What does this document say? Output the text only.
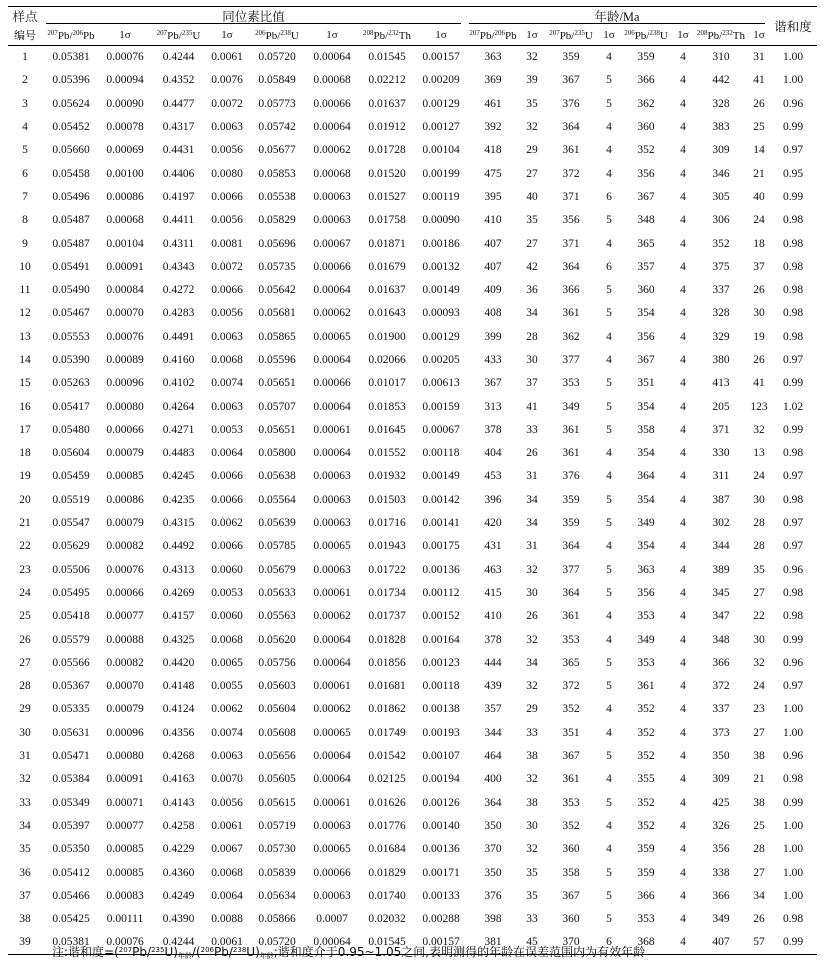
样点	同位素比值								年龄/Ma								谐和度
编号	$^{207}$Pb/$^{206}$Pb	1σ	$^{207}$Pb/$^{235}$U	1σ	$^{206}$Pb/$^{238}$U	1σ	$^{208}$Pb/$^{232}$Th	1σ	$^{207}$Pb/$^{206}$Pb	1σ	$^{207}$Pb/$^{235}$U	1σ	$^{206}$Pb/$^{238}$U	1σ	$^{208}$Pb/$^{232}$Th	1σ	
1	0.05381	0.00076	0.4244	0.0061	0.05720	0.00064	0.01545	0.00157	363	32	359	4	359	4	310	31	1.00
2	0.05396	0.00094	0.4352	0.0076	0.05849	0.00068	0.02212	0.00209	369	39	367	5	366	4	442	41	1.00
3	0.05624	0.00090	0.4477	0.0072	0.05773	0.00066	0.01637	0.00129	461	35	376	5	362	4	328	26	0.96
4	0.05452	0.00078	0.4317	0.0063	0.05742	0.00064	0.01912	0.00127	392	32	364	4	360	4	383	25	0.99
5	0.05660	0.00069	0.4431	0.0056	0.05677	0.00062	0.01728	0.00104	418	29	361	4	352	4	309	14	0.97
6	0.05458	0.00100	0.4406	0.0080	0.05853	0.00068	0.01520	0.00199	475	27	372	4	356	4	346	21	0.95
7	0.05496	0.00086	0.4197	0.0066	0.05538	0.00063	0.01527	0.00119	395	40	371	6	367	4	305	40	0.99
8	0.05487	0.00068	0.4411	0.0056	0.05829	0.00063	0.01758	0.00090	410	35	356	5	348	4	306	24	0.98
9	0.05487	0.00104	0.4311	0.0081	0.05696	0.00067	0.01871	0.00186	407	27	371	4	365	4	352	18	0.98
10	0.05491	0.00091	0.4343	0.0072	0.05735	0.00066	0.01679	0.00132	407	42	364	6	357	4	375	37	0.98
11	0.05490	0.00084	0.4272	0.0066	0.05642	0.00064	0.01637	0.00149	409	36	366	5	360	4	337	26	0.98
12	0.05467	0.00070	0.4283	0.0056	0.05681	0.00062	0.01643	0.00093	408	34	361	5	354	4	328	30	0.98
13	0.05553	0.00076	0.4491	0.0063	0.05865	0.00065	0.01900	0.00129	399	28	362	4	356	4	329	19	0.98
14	0.05390	0.00089	0.4160	0.0068	0.05596	0.00064	0.02066	0.00205	433	30	377	4	367	4	380	26	0.97
15	0.05263	0.00096	0.4102	0.0074	0.05651	0.00066	0.01017	0.00613	367	37	353	5	351	4	413	41	0.99
16	0.05417	0.00080	0.4264	0.0063	0.05707	0.00064	0.01853	0.00159	313	41	349	5	354	4	205	123	1.02
17	0.05480	0.00066	0.4271	0.0053	0.05651	0.00061	0.01645	0.00067	378	33	361	5	358	4	371	32	0.99
18	0.05604	0.00079	0.4483	0.0064	0.05800	0.00064	0.01552	0.00118	404	26	361	4	354	4	330	13	0.98
19	0.05459	0.00085	0.4245	0.0066	0.05638	0.00063	0.01932	0.00149	453	31	376	4	364	4	311	24	0.97
20	0.05519	0.00086	0.4235	0.0066	0.05564	0.00063	0.01503	0.00142	396	34	359	5	354	4	387	30	0.98
21	0.05547	0.00079	0.4315	0.0062	0.05639	0.00063	0.01716	0.00141	420	34	359	5	349	4	302	28	0.97
22	0.05629	0.00082	0.4492	0.0066	0.05785	0.00065	0.01943	0.00175	431	31	364	4	354	4	344	28	0.97
23	0.05506	0.00076	0.4313	0.0060	0.05679	0.00063	0.01722	0.00136	463	32	377	5	363	4	389	35	0.96
24	0.05495	0.00066	0.4269	0.0053	0.05633	0.00061	0.01734	0.00112	415	30	364	5	356	4	345	27	0.98
25	0.05418	0.00077	0.4157	0.0060	0.05563	0.00062	0.01737	0.00152	410	26	361	4	353	4	347	22	0.98
26	0.05579	0.00088	0.4325	0.0068	0.05620	0.00064	0.01828	0.00164	378	32	353	4	349	4	348	30	0.99
27	0.05566	0.00082	0.4420	0.0065	0.05756	0.00064	0.01856	0.00123	444	34	365	5	353	4	366	32	0.96
28	0.05367	0.00070	0.4148	0.0055	0.05603	0.00061	0.01681	0.00118	439	32	372	5	361	4	372	24	0.97
29	0.05335	0.00079	0.4124	0.0062	0.05604	0.00062	0.01862	0.00138	357	29	352	4	352	4	337	23	1.00
30	0.05631	0.00096	0.4356	0.0074	0.05608	0.00065	0.01749	0.00193	344	33	351	4	352	4	373	27	1.00
31	0.05471	0.00080	0.4268	0.0063	0.05656	0.00064	0.01542	0.00107	464	38	367	5	352	4	350	38	0.96
32	0.05384	0.00091	0.4163	0.0070	0.05605	0.00064	0.02125	0.00194	400	32	361	4	355	4	309	21	0.98
33	0.05349	0.00071	0.4143	0.0056	0.05615	0.00061	0.01626	0.00126	364	38	353	5	352	4	425	38	0.99
34	0.05397	0.00077	0.4258	0.0061	0.05719	0.00063	0.01776	0.00140	350	30	352	4	352	4	326	25	1.00
35	0.05350	0.00085	0.4229	0.0067	0.05730	0.00065	0.01684	0.00136	370	32	360	4	359	4	356	28	1.00
36	0.05412	0.00085	0.4360	0.0068	0.05839	0.00066	0.01829	0.00171	350	35	358	5	359	4	338	27	1.00
37	0.05466	0.00083	0.4249	0.0064	0.05634	0.00063	0.01740	0.00133	376	35	367	5	366	4	366	34	1.00
38	0.05425	0.00111	0.4390	0.0088	0.05866	0.0007	0.02032	0.00288	398	33	360	5	353	4	349	26	0.98
39	0.05381	0.00076	0.4244	0.0061	0.05720	0.00064	0.01545	0.00157	381	45	370	6	368	4	407	57	0.99
注:谐和度$=(^{207}Pb/^{235}U)_{年龄}/(^{206}Pb/^{238}U)_{年龄}$;谐和度介于0.95~1.05之间,表明测得的年龄在误差范围内为有效年龄
